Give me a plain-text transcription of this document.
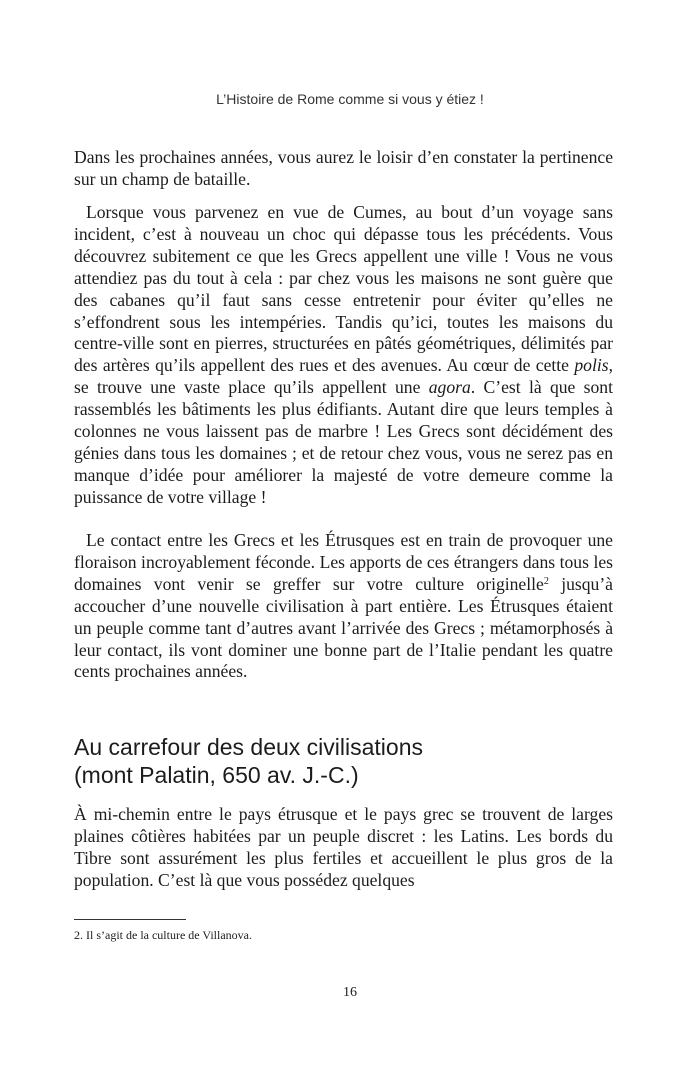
L’Histoire de Rome comme si vous y étiez !

Dans les prochaines années, vous aurez le loisir d’en constater la pertinence sur un champ de bataille.

Lorsque vous parvenez en vue de Cumes, au bout d’un voyage sans incident, c’est à nouveau un choc qui dépasse tous les précédents. Vous découvrez subitement ce que les Grecs appellent une ville ! Vous ne vous attendiez pas du tout à cela : par chez vous les maisons ne sont guère que des cabanes qu’il faut sans cesse entretenir pour éviter qu’elles ne s’effondrent sous les intempéries. Tandis qu’ici, toutes les maisons du centre-ville sont en pierres, structurées en pâtés géométriques, délimités par des artères qu’ils appellent des rues et des avenues. Au cœur de cette polis, se trouve une vaste place qu’ils appellent une agora. C’est là que sont rassemblés les bâtiments les plus édifiants. Autant dire que leurs temples à colonnes ne vous laissent pas de marbre ! Les Grecs sont décidément des génies dans tous les domaines ; et de retour chez vous, vous ne serez pas en manque d’idée pour améliorer la majesté de votre demeure comme la puissance de votre village !

Le contact entre les Grecs et les Étrusques est en train de provoquer une floraison incroyablement féconde. Les apports de ces étrangers dans tous les domaines vont venir se greffer sur votre culture originelle$^2$ jusqu’à accoucher d’une nouvelle civilisation à part entière. Les Étrusques étaient un peuple comme tant d’autres avant l’arrivée des Grecs ; métamorphosés à leur contact, ils vont dominer une bonne part de l’Italie pendant les quatre cents prochaines années.

Au carrefour des deux civilisations
(mont Palatin, 650 av. J.-C.)

À mi-chemin entre le pays étrusque et le pays grec se trouvent de larges plaines côtières habitées par un peuple discret : les Latins. Les bords du Tibre sont assurément les plus fertiles et accueillent le plus gros de la population. C’est là que vous possédez quelques

2. Il s’agit de la culture de Villanova.
16
